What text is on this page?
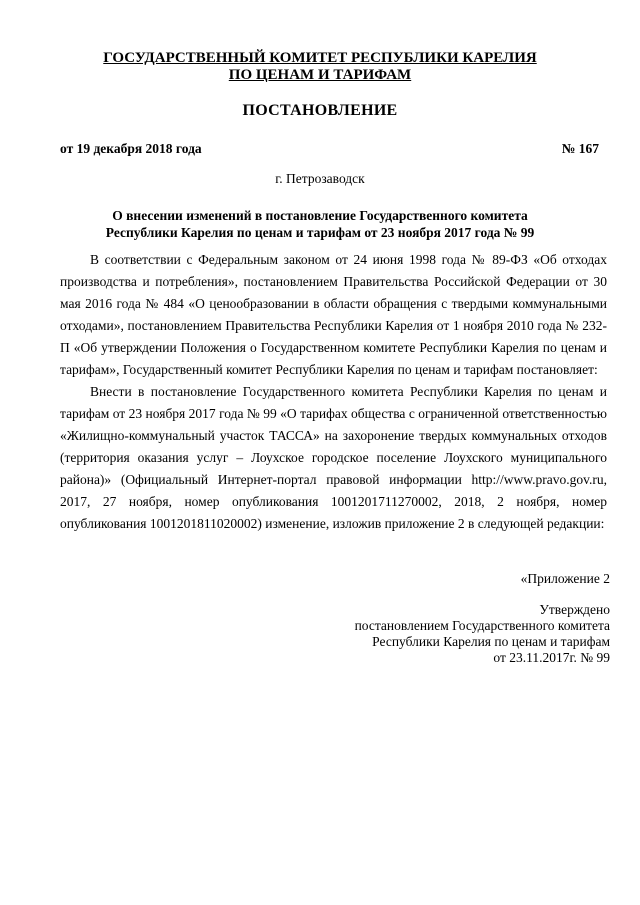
ГОСУДАРСТВЕННЫЙ КОМИТЕТ РЕСПУБЛИКИ КАРЕЛИЯ
ПО ЦЕНАМ И ТАРИФАМ
ПОСТАНОВЛЕНИЕ
от 19 декабря 2018 года	№ 167
г. Петрозаводск
О внесении изменений в постановление Государственного комитета
Республики Карелия по ценам и тарифам от 23 ноября 2017 года № 99

В соответствии с Федеральным законом от 24 июня 1998 года № 89-ФЗ «Об отходах производства и потребления», постановлением Правительства Российской Федерации от 30 мая 2016 года № 484 «О ценообразовании в области обращения с твердыми коммунальными отходами», постановлением Правительства Республики Карелия от 1 ноября 2010 года № 232-П «Об утверждении Положения о Государственном комитете Республики Карелия по ценам и тарифам», Государственный комитет Республики Карелия по ценам и тарифам постановляет:

Внести в постановление Государственного комитета Республики Карелия по ценам и тарифам от 23 ноября 2017 года № 99 «О тарифах общества с ограниченной ответственностью «Жилищно-коммунальный участок ТАССА» на захоронение твердых коммунальных отходов (территория оказания услуг – Лоухское городское поселение Лоухского муниципального района)» (Официальный Интернет-портал правовой информации http://www.pravo.gov.ru, 2017, 27 ноября, номер опубликования 1001201711270002, 2018, 2 ноября, номер опубликования 1001201811020002) изменение, изложив приложение 2 в следующей редакции:

«Приложение 2
Утверждено
постановлением Государственного комитета
Республики Карелия по ценам и тарифам
от 23.11.2017г. № 99
